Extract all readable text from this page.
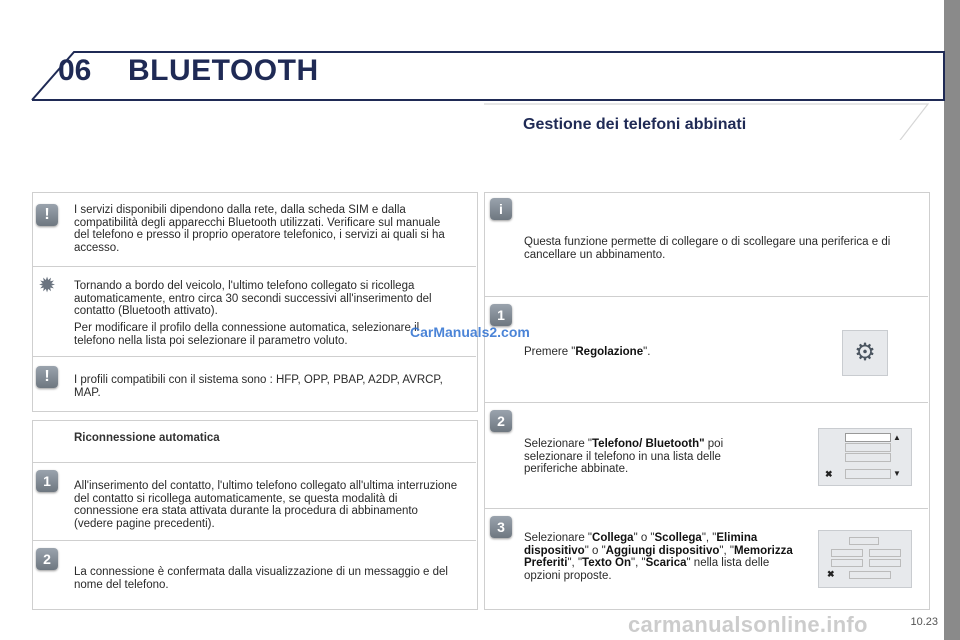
06 BLUETOOTH
Gestione dei telefoni abbinati
!	I servizi disponibili dipendono dalla rete, dalla scheda SIM e dalla compatibilità degli apparecchi Bluetooth utilizzati. Verificare sul manuale del telefono e presso il proprio operatore telefonico, i servizi ai quali si ha accesso.
✹	Tornando a bordo del veicolo, l'ultimo telefono collegato si ricollega automaticamente, entro circa 30 secondi successivi all'inserimento del contatto (Bluetooth attivato).
Per modificare il profilo della connessione automatica, selezionare il telefono nella lista poi selezionare il parametro voluto.
!	I profili compatibili con il sistema sono : HFP, OPP, PBAP, A2DP, AVRCP, MAP.
Riconnessione automatica
1	All'inserimento del contatto, l'ultimo telefono collegato all'ultima interruzione del contatto si ricollega automaticamente, se questa modalità di connessione era stata attivata durante la procedura di abbinamento (vedere pagine precedenti).
2
La connessione è confermata dalla visualizzazione di un messaggio e del nome del telefono.
i
Questa funzione permette di collegare o di scollegare una periferica e di cancellare un abbinamento.
1
Premere "Regolazione".	⚙
2
Selezionare "Telefono/ Bluetooth" poi selezionare il telefono in una lista delle periferiche abbinate.
▲
▼
✖
3
Selezionare "Collega" o "Scollega", "Elimina dispositivo" o "Aggiungi dispositivo", "Memorizza Preferiti", "Texto On", "Scarica" nella lista delle opzioni proposte.	✖
CarManuals2.com
carmanualsonline.info	10.23
